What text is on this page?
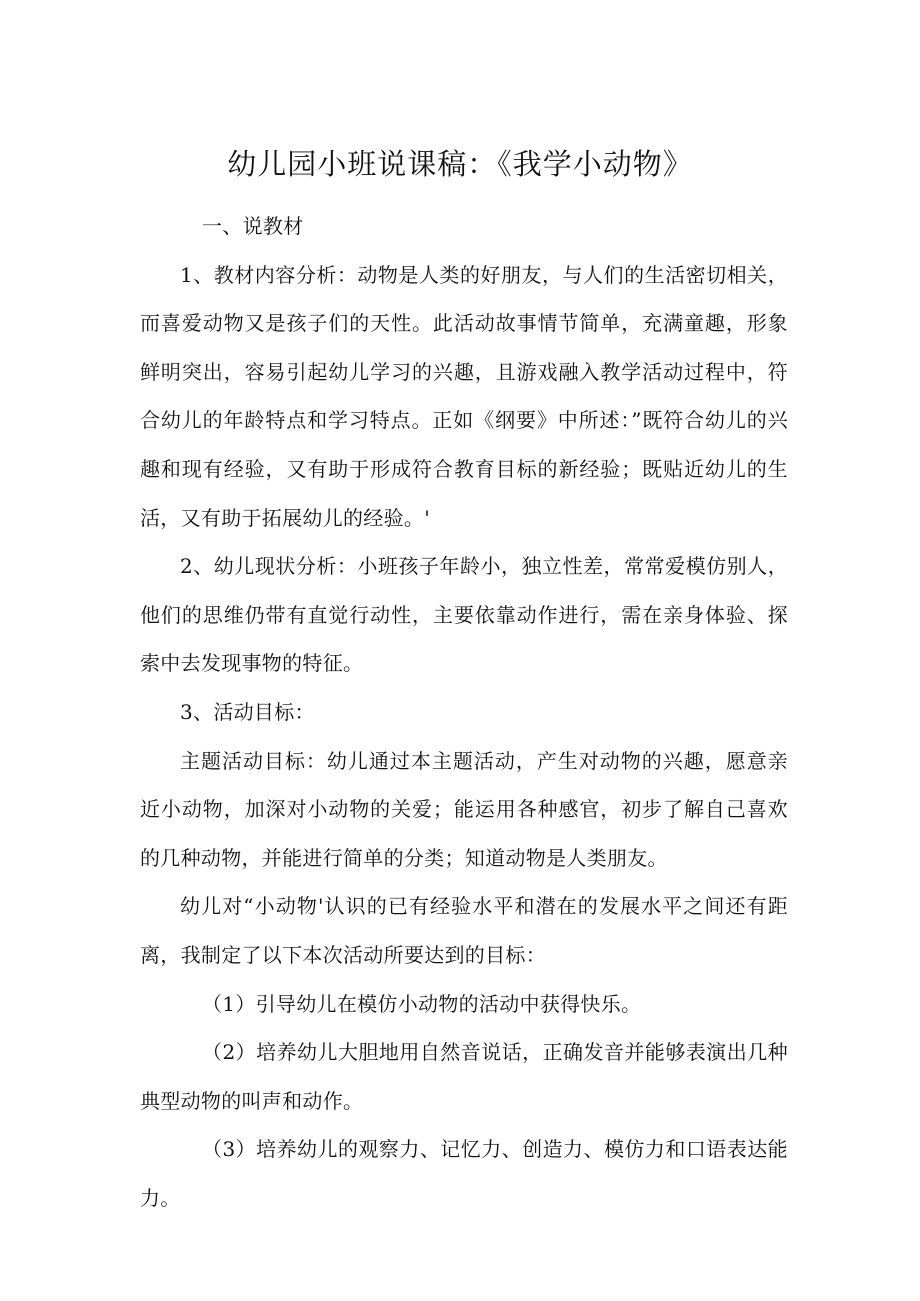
幼儿园小班说课稿：《我学小动物》

一、说教材

1、教材内容分析：动物是人类的好朋友，与人们的生活密切相关，而喜爱动物又是孩子们的天性。此活动故事情节简单，充满童趣，形象鲜明突出，容易引起幼儿学习的兴趣，且游戏融入教学活动过程中，符合幼儿的年龄特点和学习特点。正如《纲要》中所述：”既符合幼儿的兴趣和现有经验，又有助于形成符合教育目标的新经验；既贴近幼儿的生活，又有助于拓展幼儿的经验。'

2、幼儿现状分析：小班孩子年龄小，独立性差，常常爱模仿别人，他们的思维仍带有直觉行动性，主要依靠动作进行，需在亲身体验、探索中去发现事物的特征。

3、活动目标：

主题活动目标：幼儿通过本主题活动，产生对动物的兴趣，愿意亲近小动物，加深对小动物的关爱；能运用各种感官，初步了解自己喜欢的几种动物，并能进行简单的分类；知道动物是人类朋友。

幼儿对“小动物'认识的已有经验水平和潜在的发展水平之间还有距离，我制定了以下本次活动所要达到的目标：

（1）引导幼儿在模仿小动物的活动中获得快乐。

（2）培养幼儿大胆地用自然音说话，正确发音并能够表演出几种典型动物的叫声和动作。

（3）培养幼儿的观察力、记忆力、创造力、模仿力和口语表达能力。
